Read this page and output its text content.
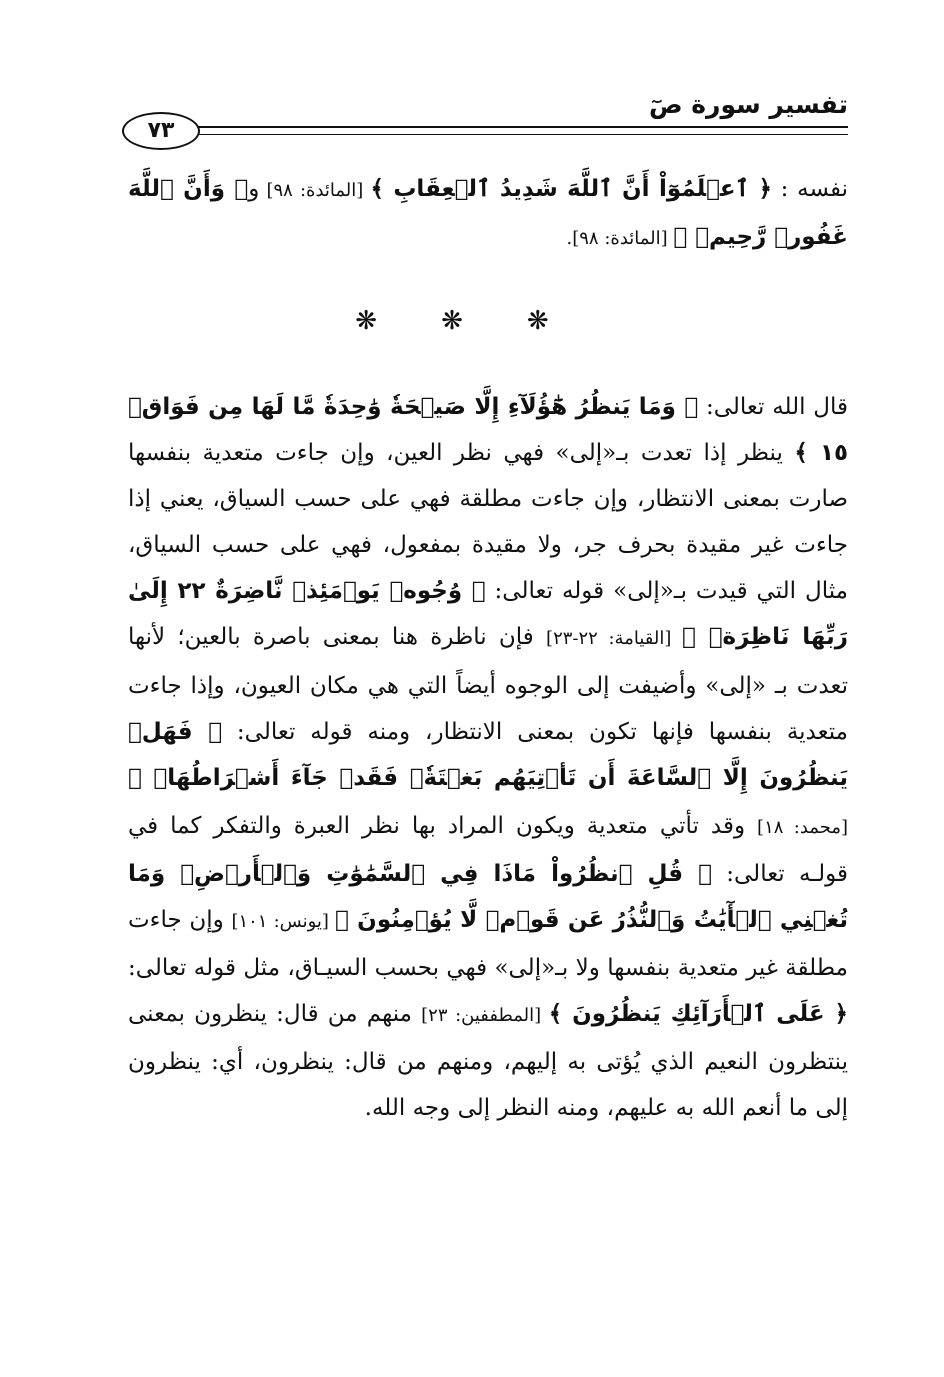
تفسير سورة صٓ
٧٣
نفسه : ﴿ ٱعۡلَمُوٓاْ أَنَّ ٱللَّهَ شَدِيدُ ٱلۡعِقَابِ ﴾ [المائدة: ٩٨] و﴿ وَأَنَّ ٱللَّهَ غَفُورٞ رَّحِيمٞ ﴾ [المائدة: ٩٨].
❋ ❋ ❋
قال الله تعالى: ﴿ وَمَا يَنظُرُ هَٰٓؤُلَآءِ إِلَّا صَيۡحَةٗ وَٰحِدَةٗ مَّا لَهَا مِن فَوَاقٖ ١٥ ﴾ ينظر إذا تعدت بـ«إلى» فهي نظر العين، وإن جاءت متعدية بنفسها صارت بمعنى الانتظار، وإن جاءت مطلقة فهي على حسب السياق، يعني إذا جاءت غير مقيدة بحرف جر، ولا مقيدة بمفعول، فهي على حسب السياق، مثال التي قيدت بـ«إلى» قوله تعالى: ﴿ وُجُوهٞ يَوۡمَئِذٖ نَّاضِرَةٌ ٢٢ إِلَىٰ رَبِّهَا نَاظِرَةٞ ﴾ [القيامة: ٢٢-٢٣] فإن ناظرة هنا بمعنى باصرة بالعين؛ لأنها تعدت بـ «إلى» وأضيفت إلى الوجوه أيضاً التي هي مكان العيون، وإذا جاءت متعدية بنفسها فإنها تكون بمعنى الانتظار، ومنه قوله تعالى: ﴿ فَهَلۡ يَنظُرُونَ إِلَّا ٱلسَّاعَةَ أَن تَأۡتِيَهُم بَغۡتَةٗۖ فَقَدۡ جَآءَ أَشۡرَاطُهَاۚ ﴾ [محمد: ١٨] وقد تأتي متعدية ويكون المراد بها نظر العبرة والتفكر كما في قولـه تعالى: ﴿ قُلِ ٱنظُرُواْ مَاذَا فِي ٱلسَّمَٰوَٰتِ وَٱلۡأَرۡضِۚ وَمَا تُغۡنِي ٱلۡأٓيَٰتُ وَٱلنُّذُرُ عَن قَوۡمٖ لَّا يُؤۡمِنُونَ ﴾ [يونس: ١٠١] وإن جاءت مطلقة غير متعدية بنفسها ولا بـ«إلى» فهي بحسب السيـاق، مثل قوله تعالى: ﴿ عَلَى ٱلۡأَرَآئِكِ يَنظُرُونَ ﴾ [المطففين: ٢٣] منهم من قال: ينظرون بمعنى ينتظرون النعيم الذي يُؤتى به إليهم، ومنهم من قال: ينظرون، أي: ينظرون إلى ما أنعم الله به عليهم، ومنه النظر إلى وجه الله.
